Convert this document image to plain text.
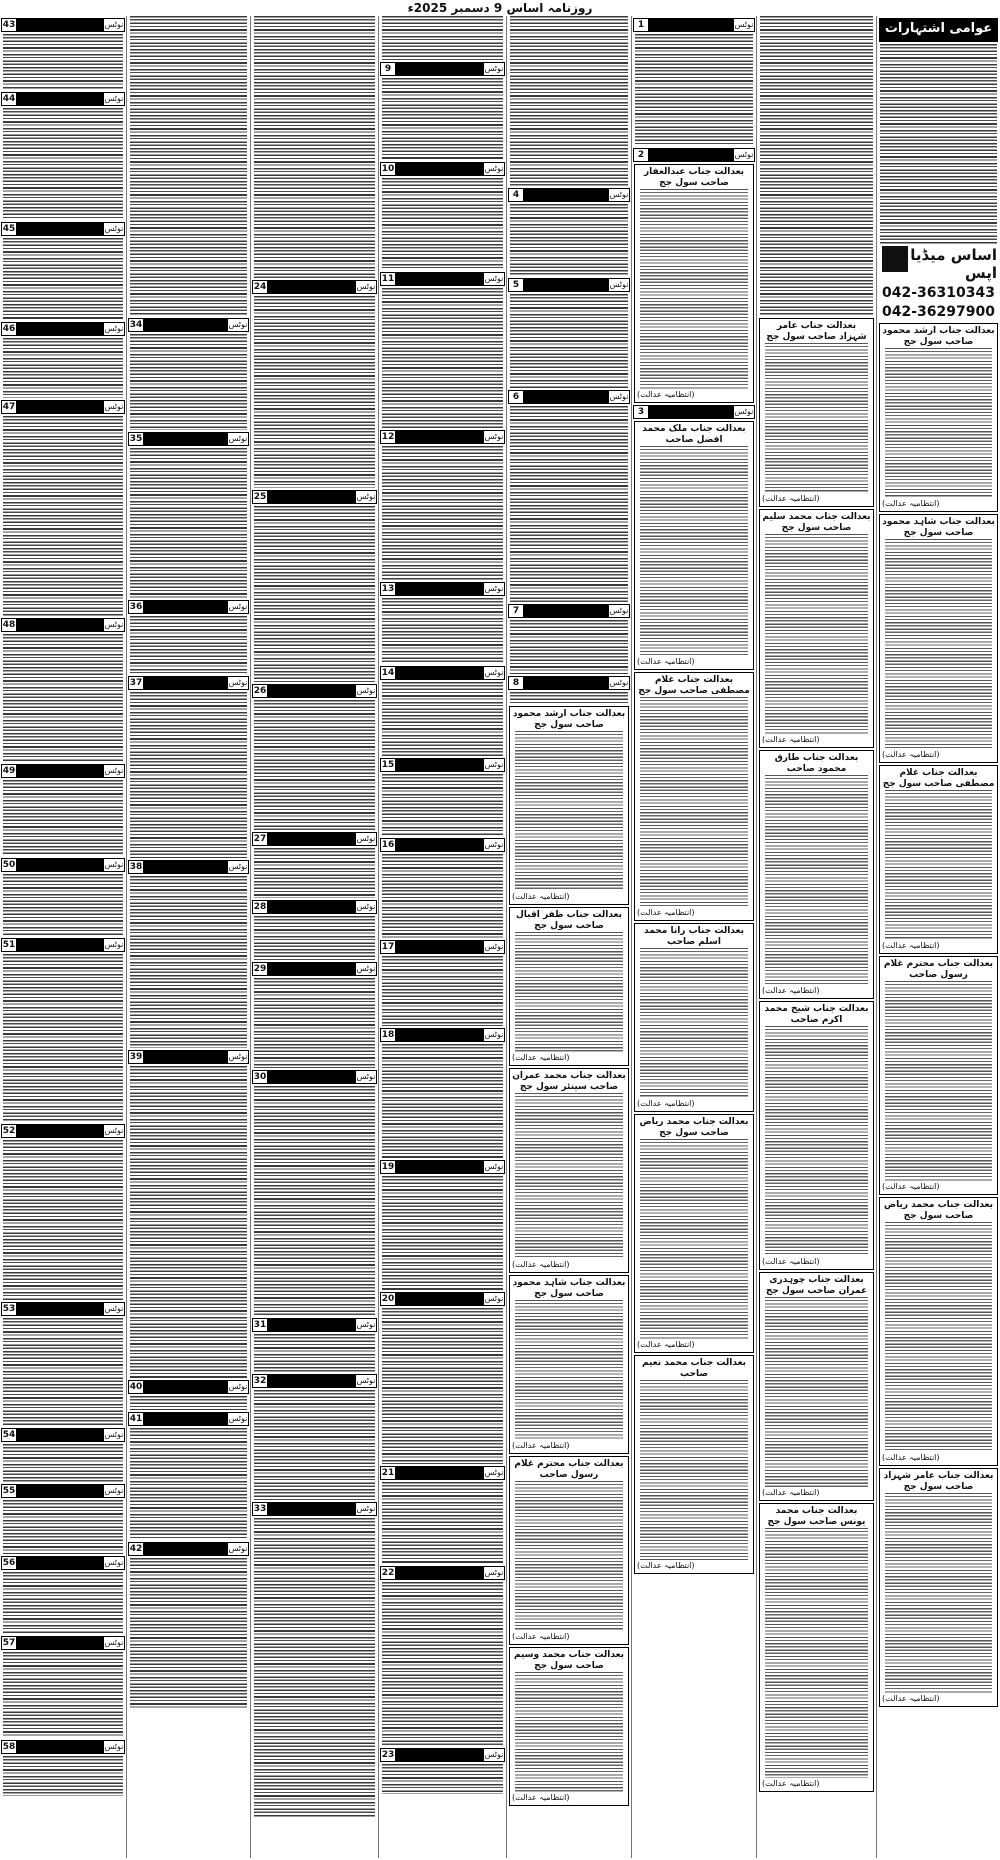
روزنامہ اساس 9 دسمبر 2025ء
43	نوٹس
44	نوٹس
45	نوٹس
46	نوٹس
47	نوٹس
48	نوٹس
49	نوٹس
50	نوٹس
51	نوٹس
52	نوٹس
53	نوٹس
54	نوٹس
55	نوٹس
56	نوٹس
57	نوٹس
58	نوٹس
34	نوٹس
35	نوٹس
36	نوٹس
37	نوٹس
38	نوٹس
39	نوٹس
40	نوٹس
41	نوٹس
42	نوٹس
24	نوٹس
25	نوٹس
26	نوٹس
27	نوٹس
28	نوٹس
29	نوٹس
30	نوٹس
31	نوٹس
32	نوٹس
33	نوٹس
9	نوٹس
10	نوٹس
11	نوٹس
12	نوٹس
13	نوٹس
14	نوٹس
15	نوٹس
16	نوٹس
17	نوٹس
18	نوٹس
19	نوٹس
20	نوٹس
21	نوٹس
22	نوٹس
23	نوٹس
4	نوٹس
5	نوٹس
6	نوٹس
7	نوٹس
8	نوٹس
بعدالت جناب ارشد محمود صاحب سول جج
(انتظامیہ عدالت)
بعدالت جناب ظفر اقبال صاحب سول جج
(انتظامیہ عدالت)
بعدالت جناب محمد عمران صاحب سینئر سول جج
(انتظامیہ عدالت)
بعدالت جناب شاہد محمود صاحب سول جج
(انتظامیہ عدالت)
بعدالت جناب محترم غلام رسول صاحب
(انتظامیہ عدالت)
بعدالت جناب محمد وسیم صاحب سول جج
(انتظامیہ عدالت)
1	نوٹس
2	نوٹس
بعدالت جناب عبدالغفار صاحب سول جج
(انتظامیہ عدالت)
3	نوٹس
بعدالت جناب ملک محمد افضل صاحب
(انتظامیہ عدالت)
بعدالت جناب غلام مصطفی صاحب سول جج
(انتظامیہ عدالت)
بعدالت جناب رانا محمد اسلم صاحب
(انتظامیہ عدالت)
بعدالت جناب محمد ریاض صاحب سول جج
(انتظامیہ عدالت)
بعدالت جناب محمد نعیم صاحب
(انتظامیہ عدالت)
بعدالت جناب عامر شہزاد صاحب سول جج
(انتظامیہ عدالت)
بعدالت جناب محمد سلیم صاحب سول جج
(انتظامیہ عدالت)
بعدالت جناب طارق محمود صاحب
(انتظامیہ عدالت)
بعدالت جناب شیخ محمد اکرم صاحب
(انتظامیہ عدالت)
بعدالت جناب چوہدری عمران صاحب سول جج
(انتظامیہ عدالت)
بعدالت جناب محمد یونس صاحب سول جج
(انتظامیہ عدالت)
عوامی اشتہارات
اساس میڈیا اپس
042-36310343
042-36297900
بعدالت جناب ارشد محمود صاحب سول جج
(انتظامیہ عدالت)
بعدالت جناب شاہد محمود صاحب سول جج
(انتظامیہ عدالت)
بعدالت جناب غلام مصطفی صاحب سول جج
(انتظامیہ عدالت)
بعدالت جناب محترم غلام رسول صاحب
(انتظامیہ عدالت)
بعدالت جناب محمد ریاض صاحب سول جج
(انتظامیہ عدالت)
بعدالت جناب عامر شہزاد صاحب سول جج
(انتظامیہ عدالت)
